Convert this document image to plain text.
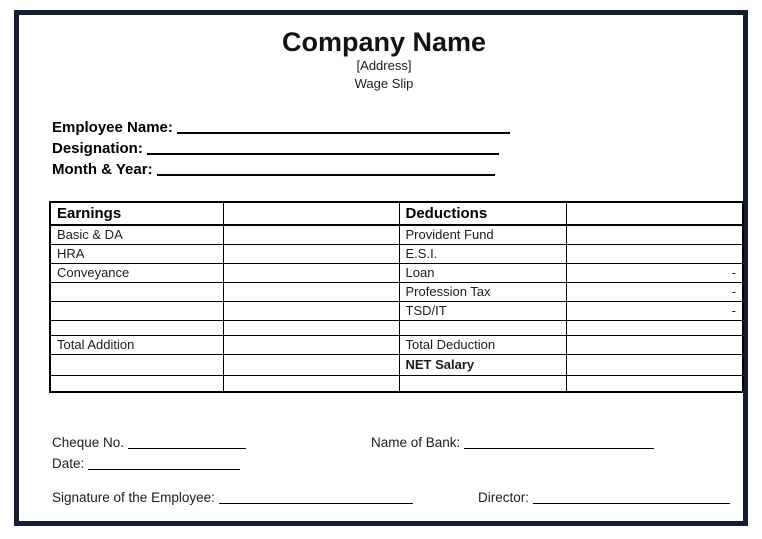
Company Name
[Address]
Wage Slip
Employee Name:
Designation:
Month & Year:
Earnings		Deductions	
Basic & DA		Provident Fund	
HRA		E.S.I.	
Conveyance		Loan	-
		Profession Tax	-
		TSD/IT	-

Total Addition		Total Deduction	
		NET Salary	

Cheque No.	Name of Bank:
Date:
Signature of the Employee:	Director:
